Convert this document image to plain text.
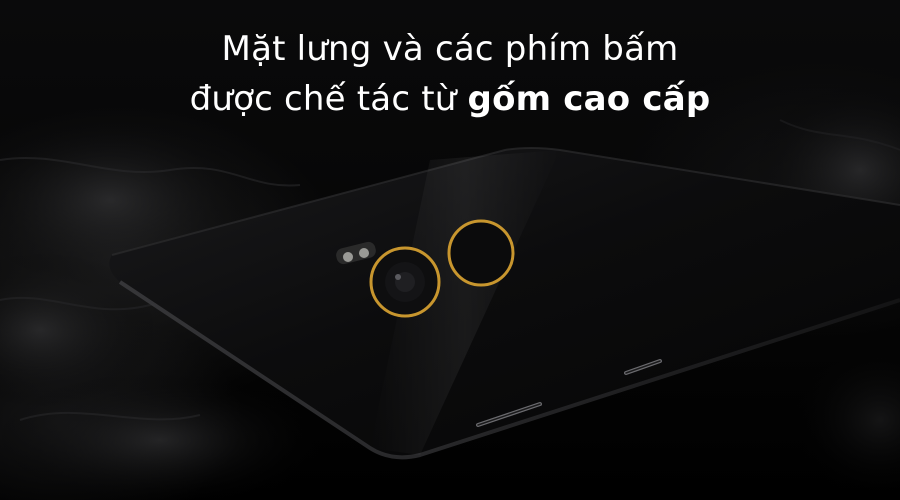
Mặt lưng và các phím bấm
được chế tác từ gốm cao cấp
